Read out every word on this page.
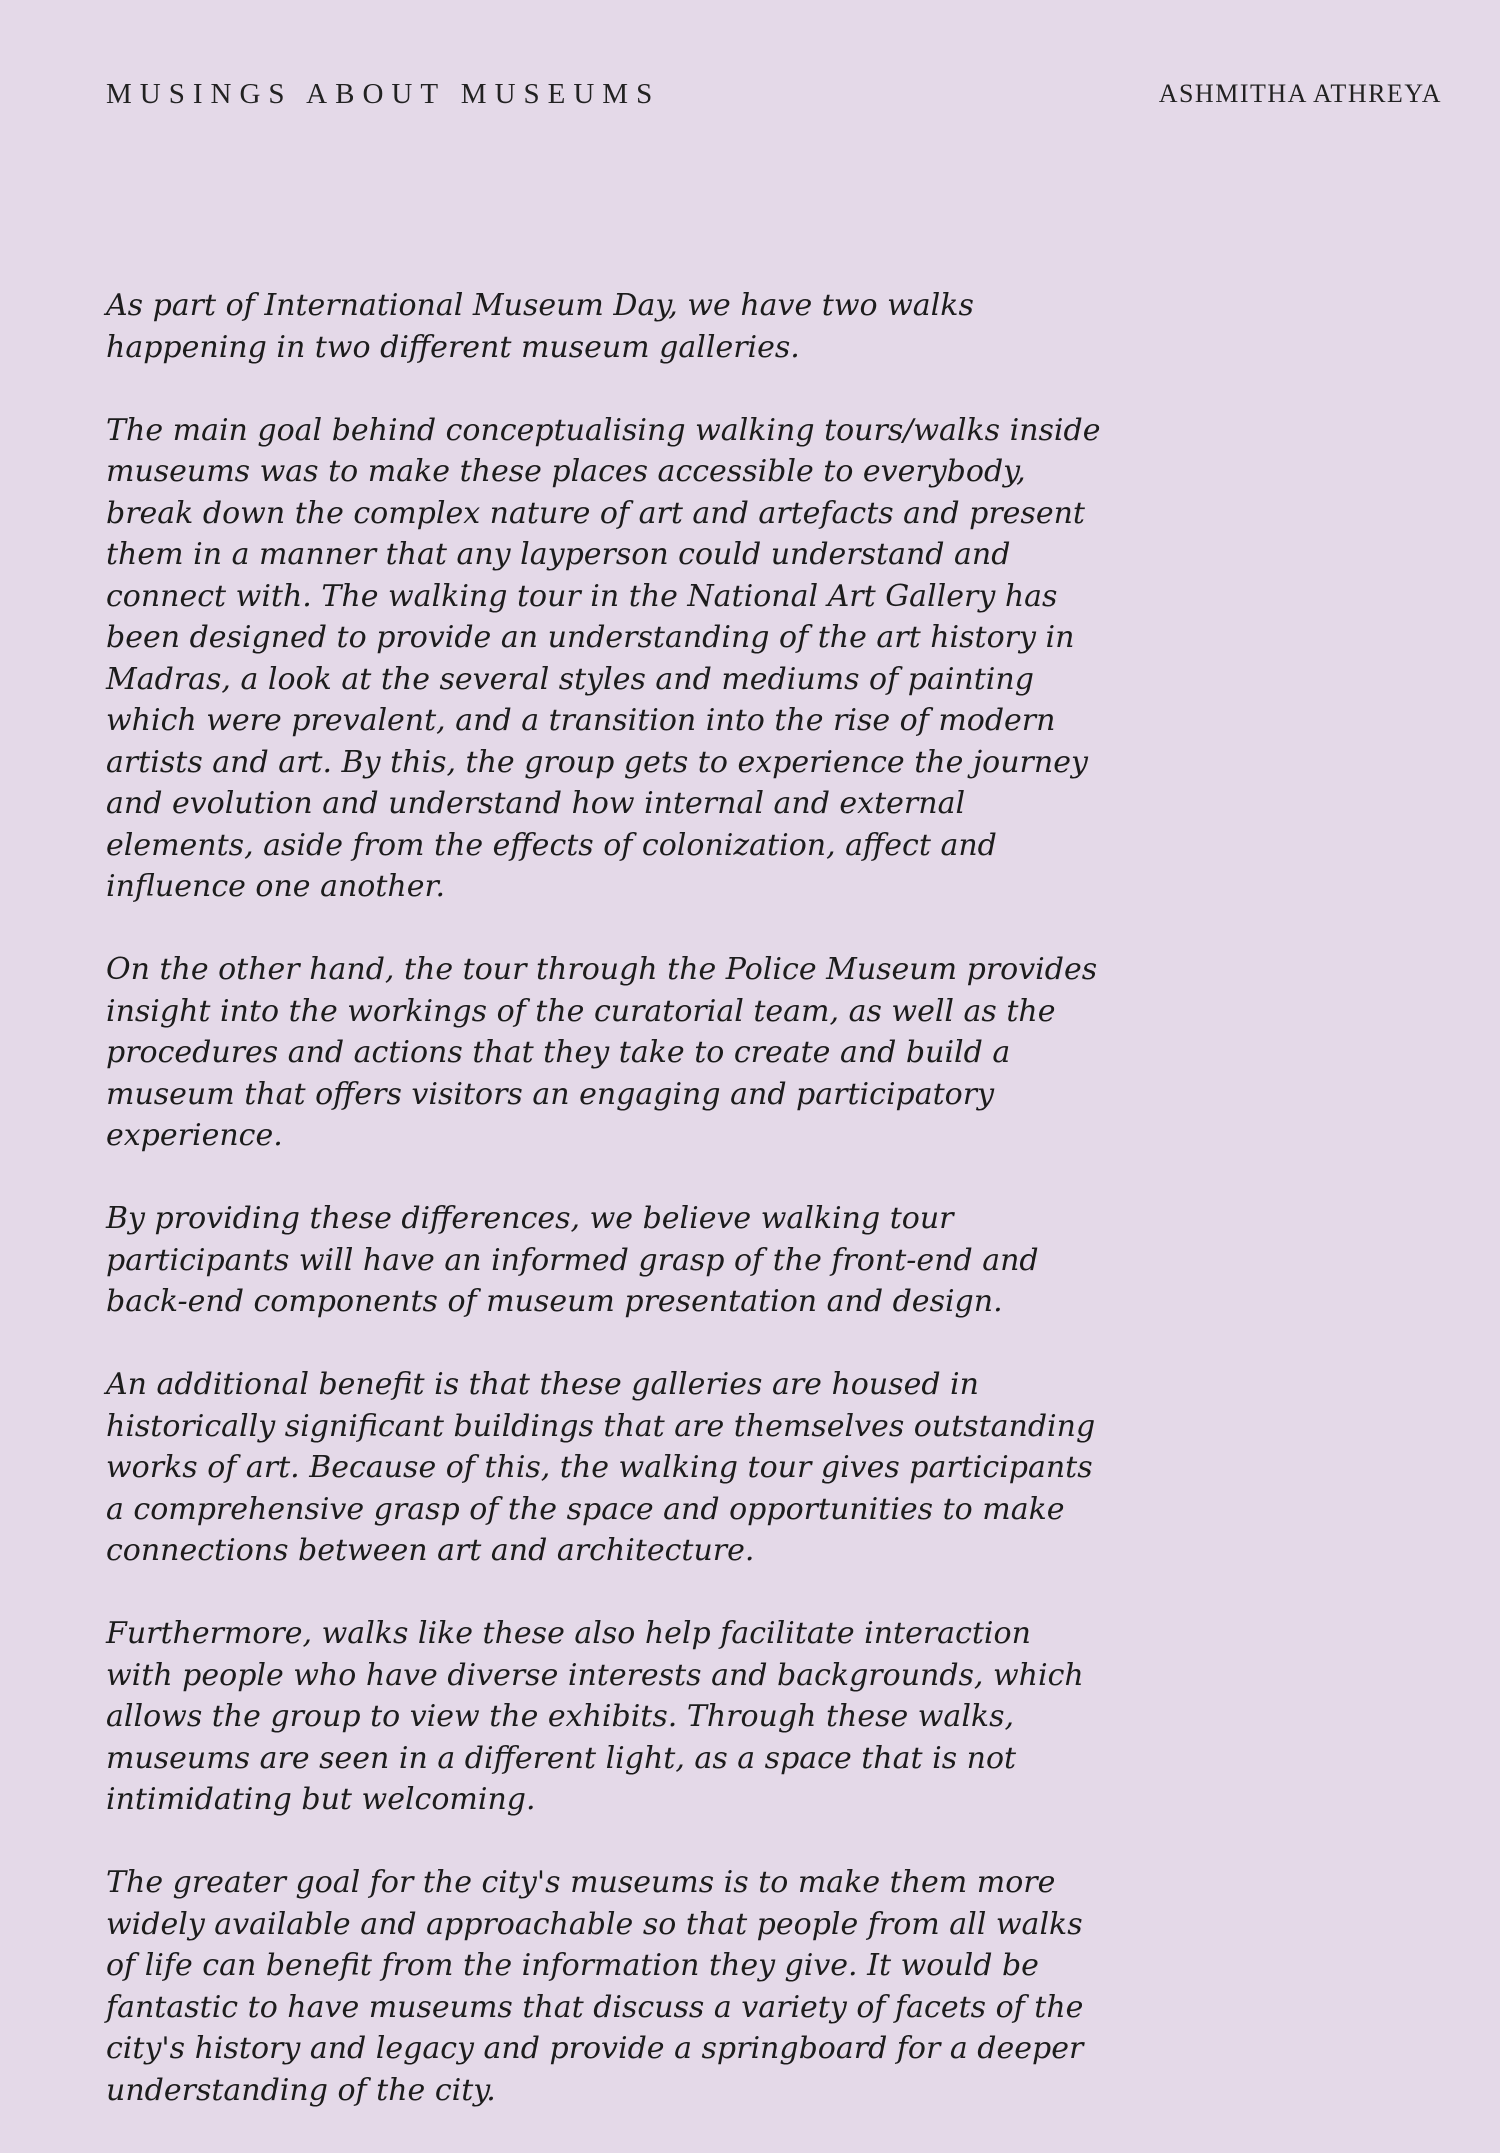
MUSINGS ABOUT MUSEUMS	ASHMITHA ATHREYA

As part of International Museum Day, we have two walks happening in two different museum galleries.

The main goal behind conceptualising walking tours/walks inside museums was to make these places accessible to everybody, break down the complex nature of art and artefacts and present them in a manner that any layperson could understand and connect with. The walking tour in the National Art Gallery has been designed to provide an understanding of the art history in Madras, a look at the several styles and mediums of painting which were prevalent, and a transition into the rise of modern artists and art. By this, the group gets to experience the journey and evolution and understand how internal and external elements, aside from the effects of colonization, affect and influence one another.

On the other hand, the tour through the Police Museum provides insight into the workings of the curatorial team, as well as the procedures and actions that they take to create and build a museum that offers visitors an engaging and participatory experience.

By providing these differences, we believe walking tour participants will have an informed grasp of the front-end and back-end components of museum presentation and design.

An additional benefit is that these galleries are housed in historically significant buildings that are themselves outstanding works of art. Because of this, the walking tour gives participants a comprehensive grasp of the space and opportunities to make connections between art and architecture.

Furthermore, walks like these also help facilitate interaction with people who have diverse interests and backgrounds, which allows the group to view the exhibits. Through these walks, museums are seen in a different light, as a space that is not intimidating but welcoming.

The greater goal for the city's museums is to make them more widely available and approachable so that people from all walks of life can benefit from the information they give. It would be fantastic to have museums that discuss a variety of facets of the city's history and legacy and provide a springboard for a deeper understanding of the city.
